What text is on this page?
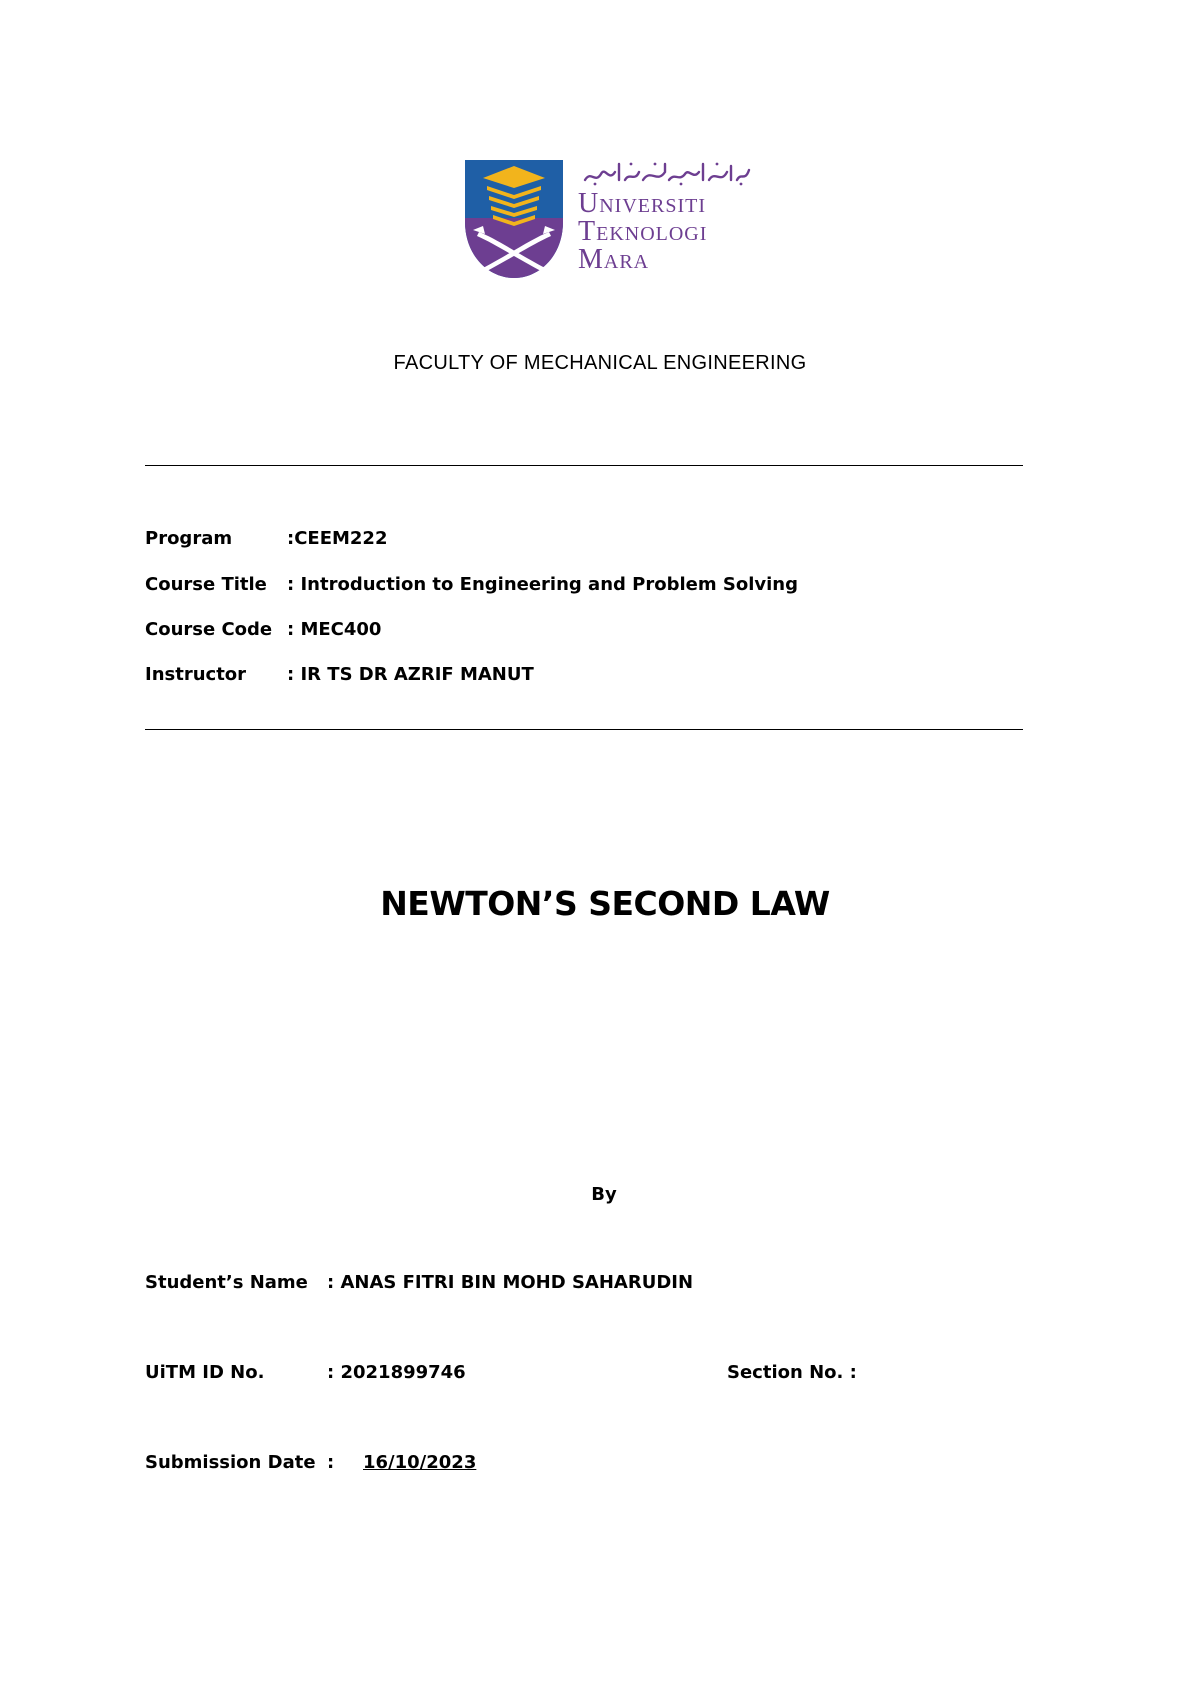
Universiti
Teknologi
Mara
FACULTY OF MECHANICAL ENGINEERING
Program	:CEEM222
Course Title : Introduction to Engineering and Problem Solving
Course Code : MEC400
Instructor : IR TS DR AZRIF MANUT
NEWTON’S SECOND LAW
By
Student’s Name : ANAS FITRI BIN MOHD SAHARUDIN
UiTM ID No.	: 2021899746	Section No. :
Submission Date : 16/10/2023
